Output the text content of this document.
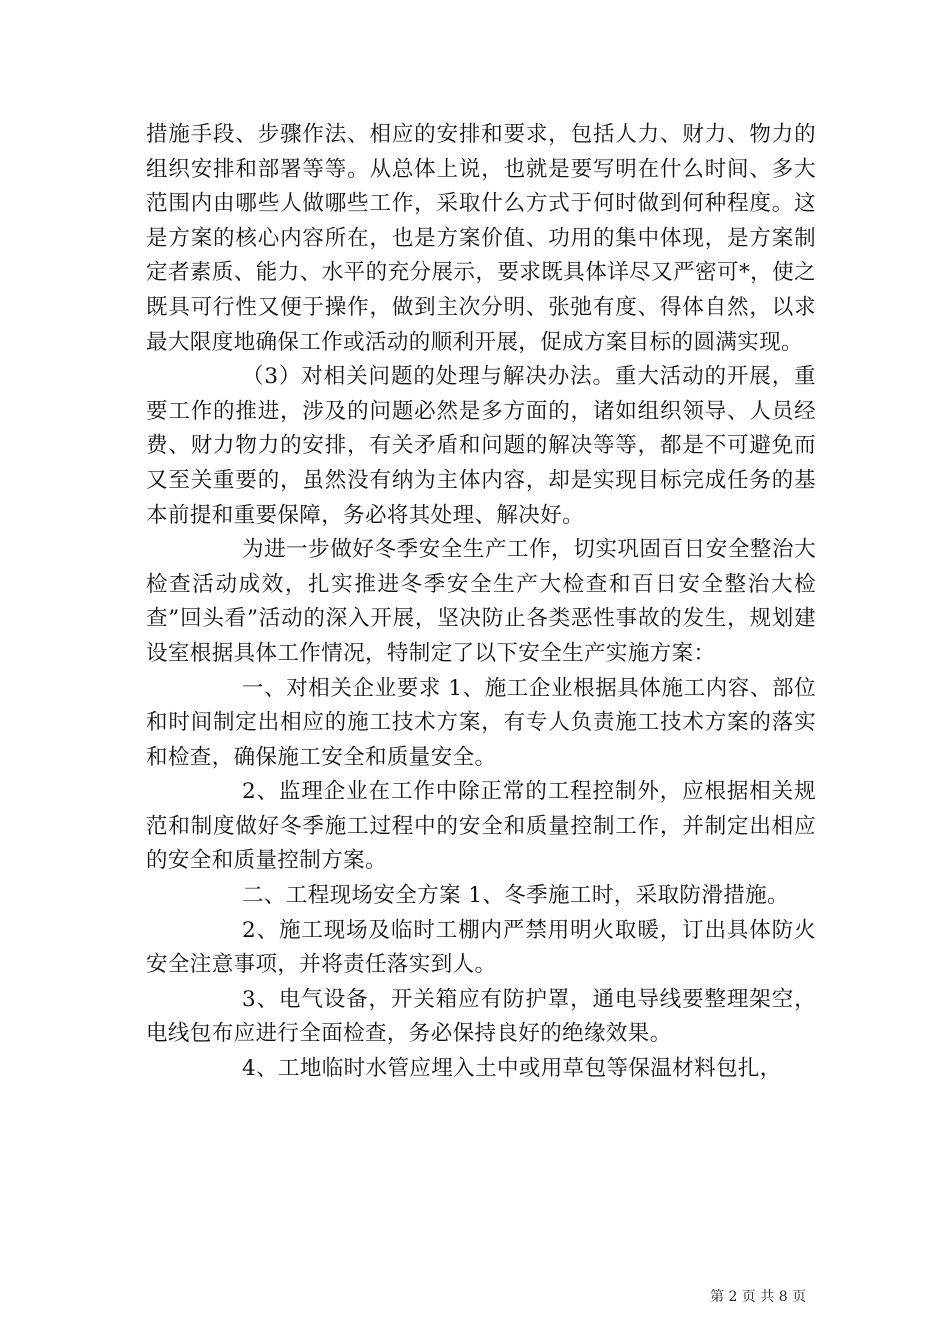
措施手段、步骤作法、相应的安排和要求，包括人力、财力、物力的组织安排和部署等等。从总体上说，也就是要写明在什么时间、多大范围内由哪些人做哪些工作，采取什么方式于何时做到何种程度。这是方案的核心内容所在，也是方案价值、功用的集中体现，是方案制定者素质、能力、水平的充分展示，要求既具体详尽又严密可*，使之既具可行性又便于操作，做到主次分明、张弛有度、得体自然，以求最大限度地确保工作或活动的顺利开展，促成方案目标的圆满实现。

（3）对相关问题的处理与解决办法。重大活动的开展，重要工作的推进，涉及的问题必然是多方面的，诸如组织领导、人员经费、财力物力的安排，有关矛盾和问题的解决等等，都是不可避免而又至关重要的，虽然没有纳为主体内容，却是实现目标完成任务的基本前提和重要保障，务必将其处理、解决好。

为进一步做好冬季安全生产工作，切实巩固百日安全整治大检查活动成效，扎实推进冬季安全生产大检查和百日安全整治大检查”回头看”活动的深入开展，坚决防止各类恶性事故的发生，规划建设室根据具体工作情况，特制定了以下安全生产实施方案：

一、对相关企业要求 1、施工企业根据具体施工内容、部位和时间制定出相应的施工技术方案，有专人负责施工技术方案的落实和检查，确保施工安全和质量安全。

2、监理企业在工作中除正常的工程控制外，应根据相关规范和制度做好冬季施工过程中的安全和质量控制工作，并制定出相应的安全和质量控制方案。

二、工程现场安全方案 1、冬季施工时，采取防滑措施。

2、施工现场及临时工棚内严禁用明火取暖，订出具体防火安全注意事项，并将责任落实到人。

3、电气设备，开关箱应有防护罩，通电导线要整理架空，电线包布应进行全面检查，务必保持良好的绝缘效果。

4、工地临时水管应埋入土中或用草包等保温材料包扎，

第 2 页 共 8 页
